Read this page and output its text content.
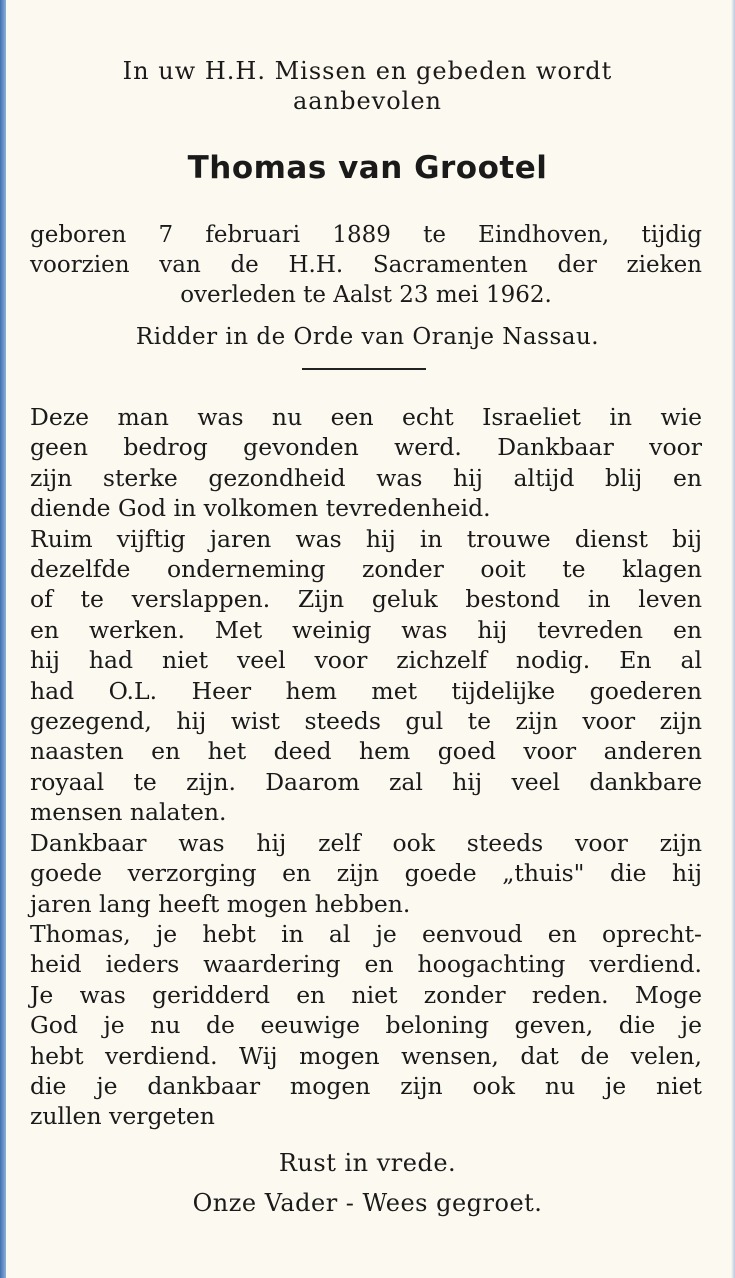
In uw H.H. Missen en gebeden wordt
aanbevolen
Thomas van Grootel
geboren 7 februari 1889 te Eindhoven, tijdig
voorzien van de H.H. Sacramenten der zieken
overleden te Aalst 23 mei 1962.
Ridder in de Orde van Oranje Nassau.
Deze man was nu een echt Israeliet in wie
geen bedrog gevonden werd. Dankbaar voor
zijn sterke gezondheid was hij altijd blij en
diende God in volkomen tevredenheid.
Ruim vijftig jaren was hij in trouwe dienst bij
dezelfde onderneming zonder ooit te klagen
of te verslappen. Zijn geluk bestond in leven
en werken. Met weinig was hij tevreden en
hij had niet veel voor zichzelf nodig. En al
had O.L. Heer hem met tijdelijke goederen
gezegend, hij wist steeds gul te zijn voor zijn
naasten en het deed hem goed voor anderen
royaal te zijn. Daarom zal hij veel dankbare
mensen nalaten.
Dankbaar was hij zelf ook steeds voor zijn
goede verzorging en zijn goede „thuis" die hij
jaren lang heeft mogen hebben.
Thomas, je hebt in al je eenvoud en oprecht-
heid ieders waardering en hoogachting verdiend.
Je was geridderd en niet zonder reden. Moge
God je nu de eeuwige beloning geven, die je
hebt verdiend. Wij mogen wensen, dat de velen,
die je dankbaar mogen zijn ook nu je niet
zullen vergeten
Rust in vrede.
Onze Vader - Wees gegroet.
